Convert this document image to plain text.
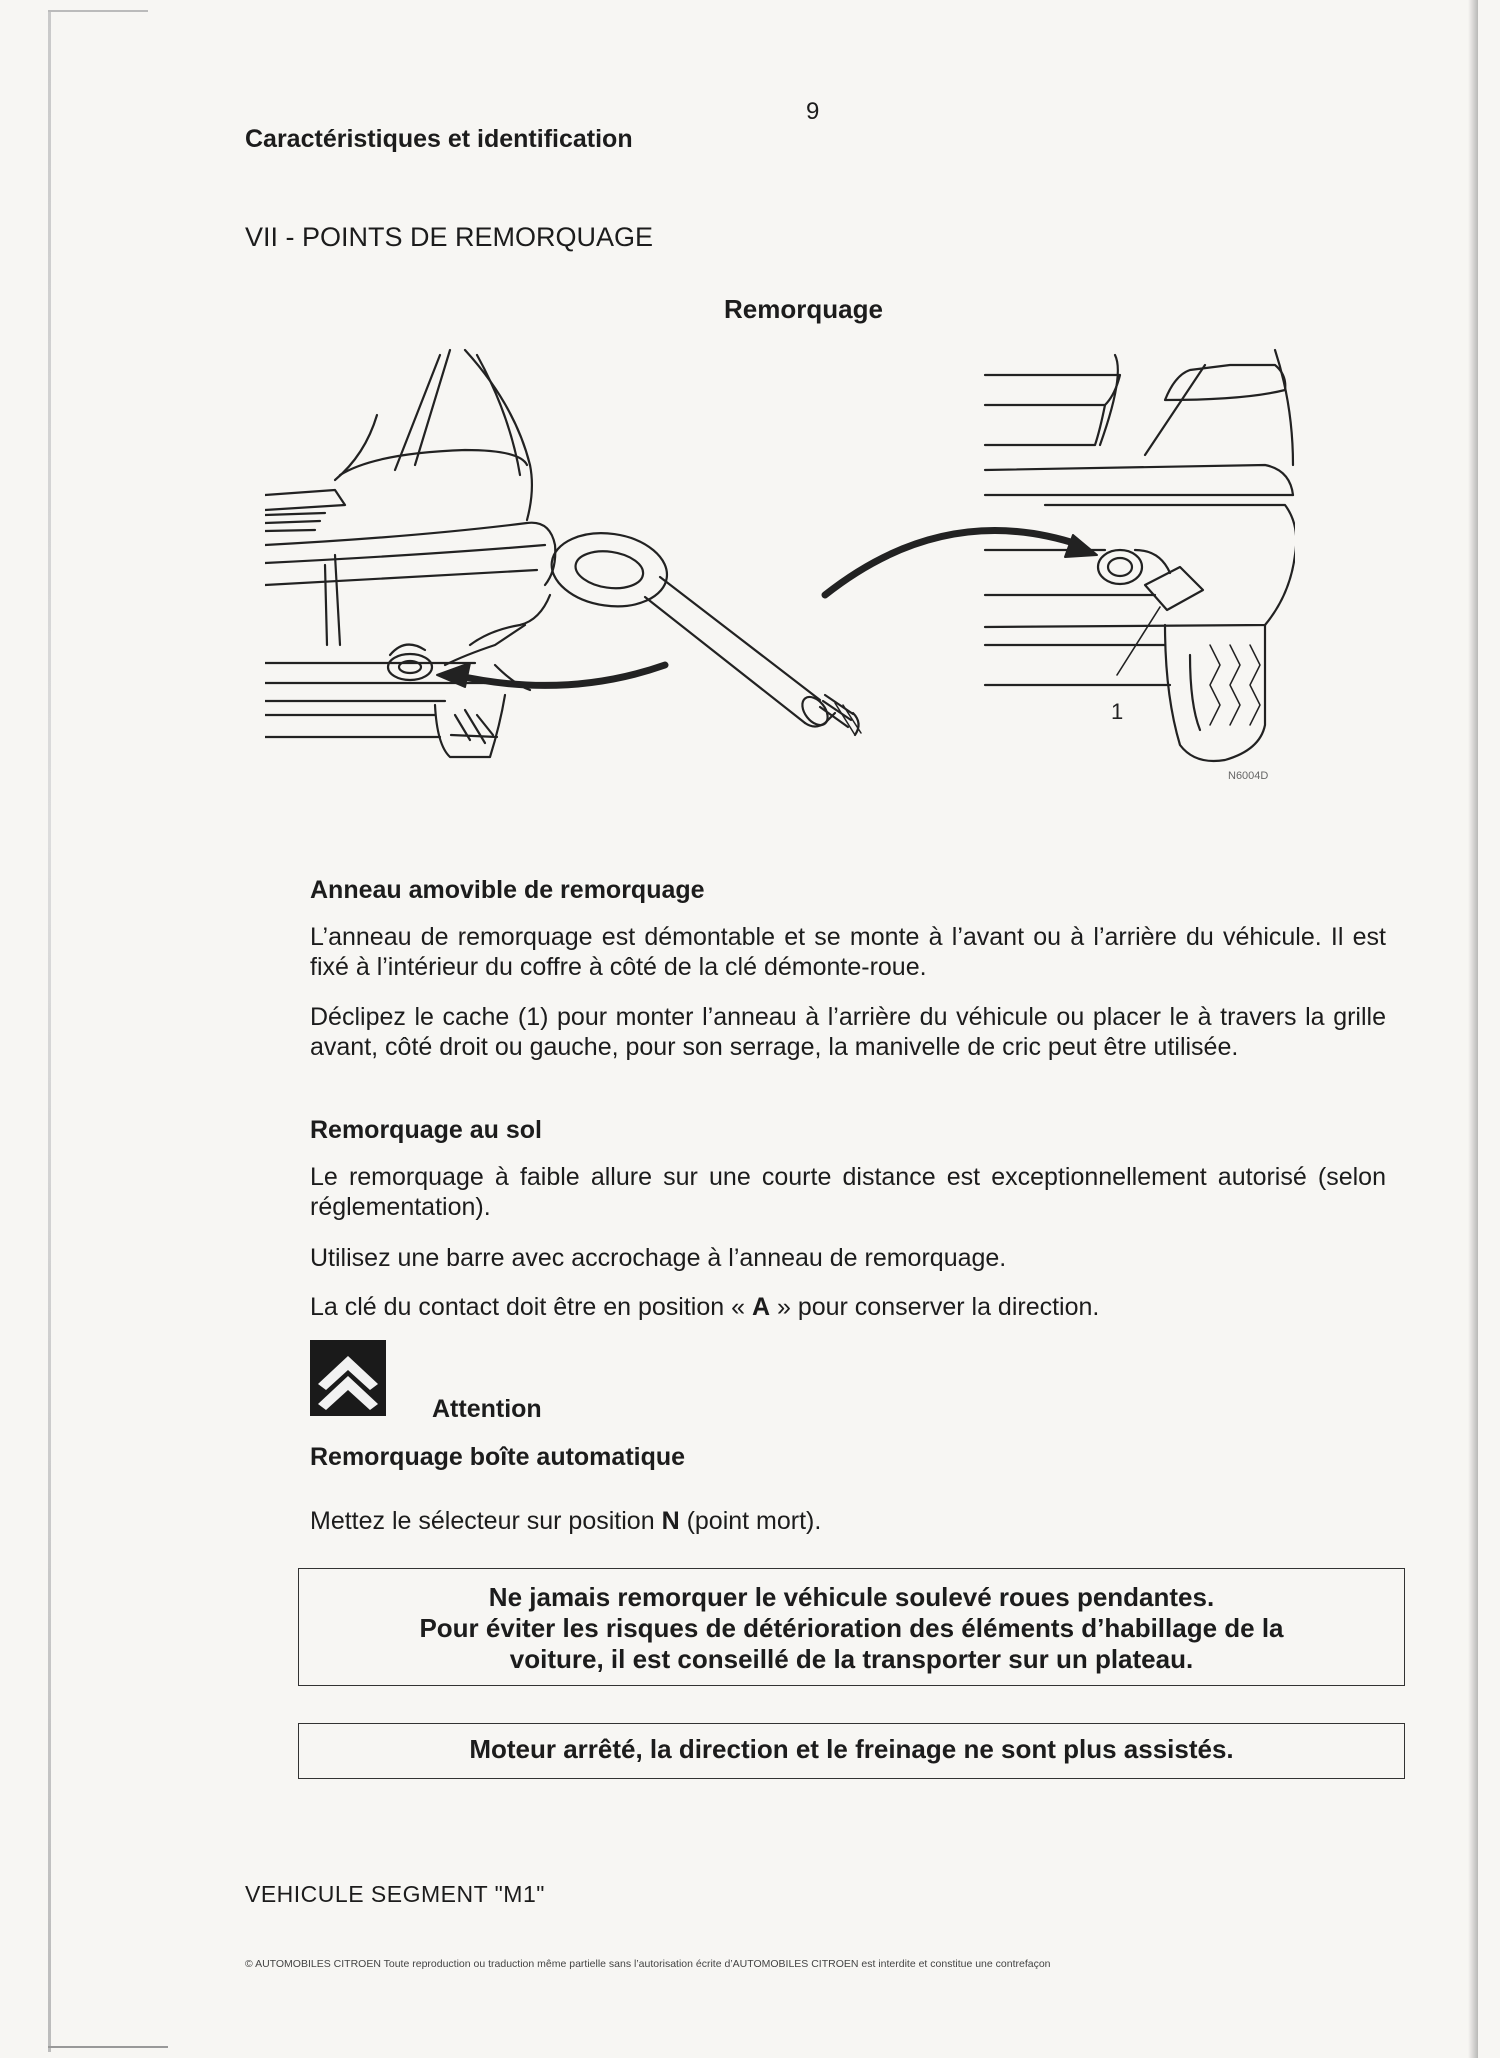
9
Caractéristiques et identification
VII - POINTS DE REMORQUAGE
Remorquage
1
N6004D
Anneau amovible de remorquage
L’anneau de remorquage est démontable et se monte à l’avant ou à l’arrière du véhicule. Il est fixé à l’intérieur du coffre à côté de la clé démonte-roue.
Déclipez le cache (1) pour monter l’anneau à l’arrière du véhicule ou placer le à travers la grille avant, côté droit ou gauche, pour son serrage, la manivelle de cric peut être utilisée.
Remorquage au sol
Le remorquage à faible allure sur une courte distance est exceptionnellement autorisé (selon réglementation).
Utilisez une barre avec accrochage à l’anneau de remorquage.
La clé du contact doit être en position « A » pour conserver la direction.
Attention
Remorquage boîte automatique
Mettez le sélecteur sur position N (point mort).
Ne jamais remorquer le véhicule soulevé roues pendantes.
Pour éviter les risques de détérioration des éléments d’habillage de la
voiture, il est conseillé de la transporter sur un plateau.
Moteur arrêté, la direction et le freinage ne sont plus assistés.
VEHICULE SEGMENT "M1"
© AUTOMOBILES CITROEN Toute reproduction ou traduction même partielle sans l’autorisation écrite d’AUTOMOBILES CITROEN est interdite et constitue une contrefaçon
